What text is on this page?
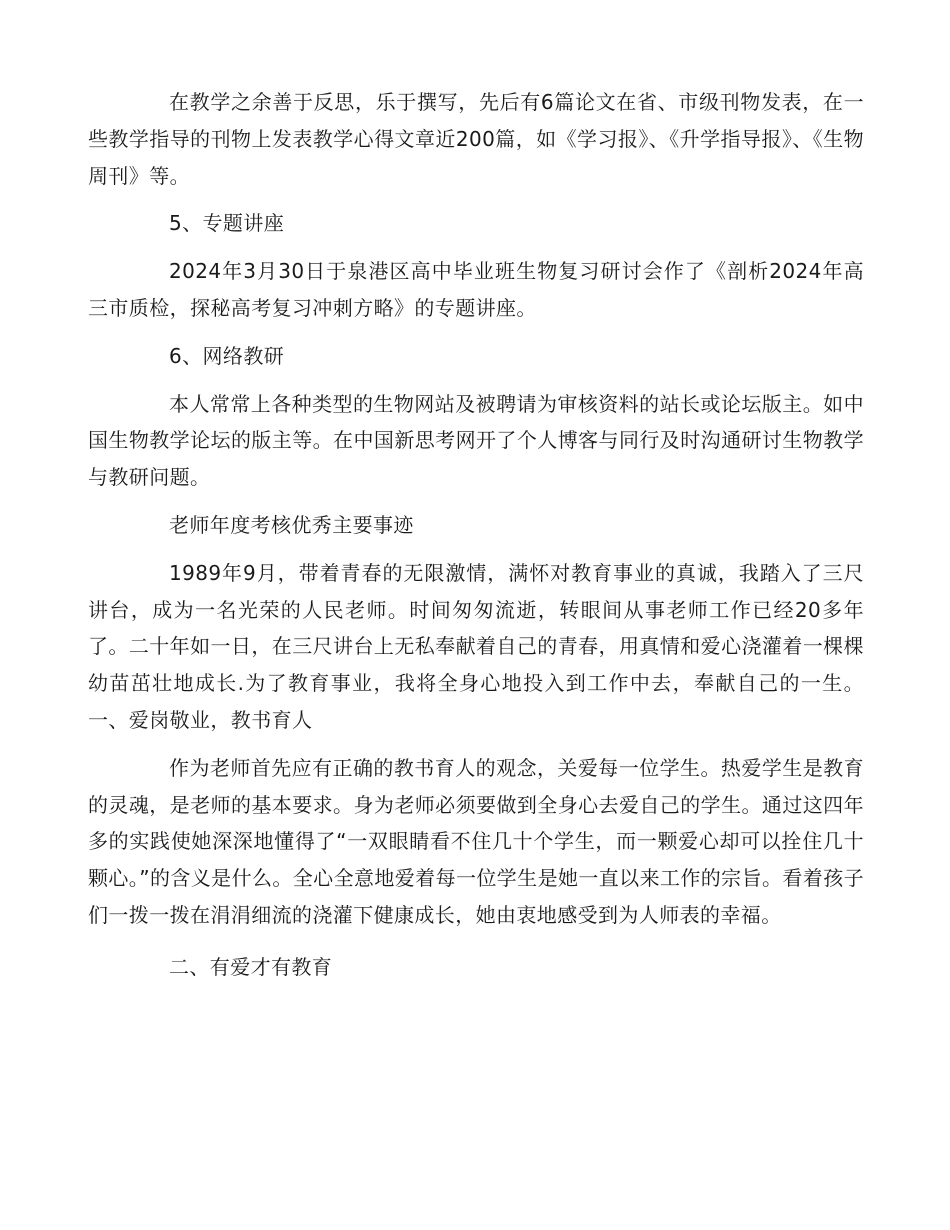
在教学之余善于反思，乐于撰写，先后有6篇论文在省、市级刊物发表，在一些教学指导的刊物上发表教学心得文章近200篇，如《学习报》、《升学指导报》、《生物周刊》等。

5、专题讲座

2024年3月30日于泉港区高中毕业班生物复习研讨会作了《剖析2024年高三市质检，探秘高考复习冲刺方略》的专题讲座。

6、网络教研

本人常常上各种类型的生物网站及被聘请为审核资料的站长或论坛版主。如中国生物教学论坛的版主等。在中国新思考网开了个人博客与同行及时沟通研讨生物教学与教研问题。

老师年度考核优秀主要事迹

1989年9月，带着青春的无限激情，满怀对教育事业的真诚，我踏入了三尺讲台，成为一名光荣的人民老师。时间匆匆流逝，转眼间从事老师工作已经20多年了。二十年如一日，在三尺讲台上无私奉献着自己的青春，用真情和爱心浇灌着一棵棵幼苗茁壮地成长.为了教育事业，我将全身心地投入到工作中去，奉献自己的一生。一、爱岗敬业，教书育人

作为老师首先应有正确的教书育人的观念，关爱每一位学生。热爱学生是教育的灵魂，是老师的基本要求。身为老师必须要做到全身心去爱自己的学生。通过这四年多的实践使她深深地懂得了“一双眼睛看不住几十个学生，而一颗爱心却可以拴住几十颗心。”的含义是什么。全心全意地爱着每一位学生是她一直以来工作的宗旨。看着孩子们一拨一拨在涓涓细流的浇灌下健康成长，她由衷地感受到为人师表的幸福。

二、有爱才有教育
